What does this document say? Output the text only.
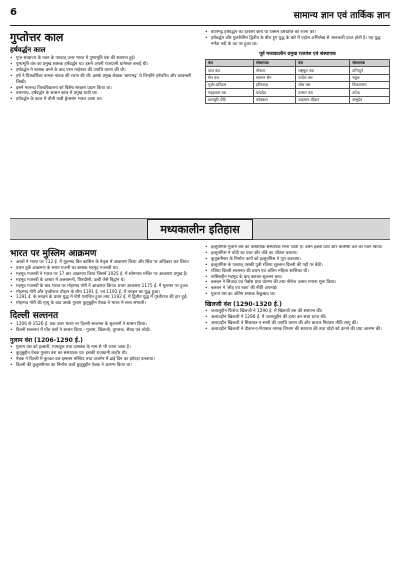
6	सामान्य ज्ञान एवं तार्किक ज्ञान
गुप्तोत्तर काल
हर्षवर्द्धन काल
• गुप्त साम्राज्य के पतन के पश्चात् उत्तर भारत में पुष्यभूति वंश की स्थापना हुई।
• पुष्यभूति वंश का प्रमुख शासक हर्षवर्द्धन था। इसने अपनी राजधानी थानेश्वर बनाई थी।
• हर्षवर्द्धन ने शासक बनने के बाद परम माहेश्वर की उपाधि धारण की थी।
• हर्ष ने प्रियदर्शिका नामक नाटक की रचना की थी। इसके प्रमुख लेखक 'बाणभट्ट' थे जिन्होंने हर्षचरित और कादम्बरी लिखी।
• इसने नालन्दा विश्वविद्यालय को विशेष संरक्षण प्रदान किया था।
• तारानाथ, हर्षवर्द्धन के शासन काल में प्रमुख यात्री था।
• हर्षवर्द्धन के काल में चीनी यात्री ह्वेनसांग भारत आया था।
• बाणभट्ट हर्षवर्द्धन का दरबारी कवि था जिसने हर्षचरित की रचना की।
• हर्षवर्द्धन और पुलकेशिन द्वितीय के बीच हुए युद्ध के बारे में एहोल अभिलेख से जानकारी प्राप्त होती है। यह युद्ध नर्मदा नदी के तट पर हुआ था।
पूर्व मध्यकालीन प्रमुख राजवंश एवं संस्थापक
वंश	संस्थापक	वंश	संस्थापक
पाल वंश	गोपाल	राष्ट्रकूट वंश	दन्तिदुर्ग
सेन वंश	सामन्त सेन	चन्देल वंश	नन्नुक
गुर्जर-प्रतिहार	हरिश्चन्द्र	चोल वंश	विजयालय
गहड़वाल वंश	चन्द्रदेव	परमार वंश	उपेन्द्र
कलचुरि-चेदि	कोक्कल	चाहमान-चौहान	वासुदेव
मध्यकालीन इतिहास
भारत पर मुस्लिम आक्रमण
• अरबों ने भारत पर 712 ई. में मुहम्मद बिन कासिम के नेतृत्व में आक्रमण किया और सिंध पर अधिकार कर लिया।
• प्रथम तुर्क आक्रमण के समय गजनी का शासक महमूद गजनवी था।
• महमूद गजनवी ने भारत पर 17 बार आक्रमण किया जिसमें 1025 ई. में सोमनाथ मन्दिर पर आक्रमण प्रमुख है।
• महमूद गजनवी के दरबार में अलबरूनी, फिरदौसी, उत्बी जैसे विद्वान थे।
• महमूद गजनवी के बाद भारत पर मोहम्मद गोरी ने आक्रमण किया। प्रथम आक्रमण 1175 ई. में मुल्तान पर हुआ।
• मोहम्मद गोरी और पृथ्वीराज चौहान के बीच 1191 ई. एवं 1192 ई. में तराइन का युद्ध हुआ।
• 1191 ई. के तराइन के प्रथम युद्ध में गोरी पराजित हुआ तथा 1192 ई. में द्वितीय युद्ध में पृथ्वीराज की हार हुई।
• मोहम्मद गोरी की मृत्यु के बाद उसके गुलाम कुतुबुद्दीन ऐबक ने भारत में सत्ता संभाली।
दिल्ली सल्तनत
• 1206 से 1526 ई. तक उत्तर भारत पर दिल्ली सल्तनत के सुल्तानों ने शासन किया।
• दिल्ली सल्तनत में पाँच वंशों ने शासन किया - गुलाम, खिलजी, तुगलक, सैयद एवं लोदी।
गुलाम वंश (1206-1290 ई.)
• गुलाम वंश को इल्बारी, मामलूक तथा दासवंश के नाम से भी जाना जाता है।
• कुतुबुद्दीन ऐबक गुलाम वंश का संस्थापक था। इसकी राजधानी लाहौर थी।
• ऐबक ने दिल्ली में कुव्वत-उल-इस्लाम मस्जिद तथा अजमेर में ढाई दिन का झोपड़ा बनवाया।
• दिल्ली की कुतुबमीनार का निर्माण कार्य कुतुबुद्दीन ऐबक ने आरम्भ किया था।
• इल्तुतमिश गुलाम वंश का वास्तविक संस्थापक माना जाता है। उसने इक्ता प्रथा और चालीसा दल का गठन किया।
• इल्तुतमिश ने चाँदी का टंका और ताँबे का जीतल चलाया।
• कुतुबमीनार के निर्माण कार्य को इल्तुतमिश ने पूरा करवाया।
• इल्तुतमिश के पश्चात् उसकी पुत्री रजिया सुल्तान दिल्ली की गद्दी पर बैठी।
• रजिया दिल्ली सल्तनत की प्रथम एवं अंतिम महिला शासिका थी।
• नासिरुद्दीन महमूद के बाद बलबन सुल्तान बना।
• बलबन ने सिजदा एवं पैबोस प्रथा प्रारम्भ की तथा नौरोज उत्सव मनाना शुरू किया।
• बलबन ने 'लौह एवं रक्त' की नीति अपनाई।
• गुलाम वंश का अंतिम शासक कैकुबाद था।
खिलजी वंश (1290-1320 ई.)
• जलालुद्दीन फिरोज खिलजी ने 1290 ई. में खिलजी वंश की स्थापना की।
• अलाउद्दीन खिलजी ने 1296 ई. में जलालुद्दीन की हत्या कर सत्ता प्राप्त की।
• अलाउद्दीन खिलजी ने सिकन्दर-ए-सानी की उपाधि धारण की और बाजार नियंत्रण नीति लागू की।
• अलाउद्दीन खिलजी ने दीवान-ए-रियासत नामक विभाग की स्थापना की तथा घोड़ों को दागने की प्रथा आरम्भ की।
